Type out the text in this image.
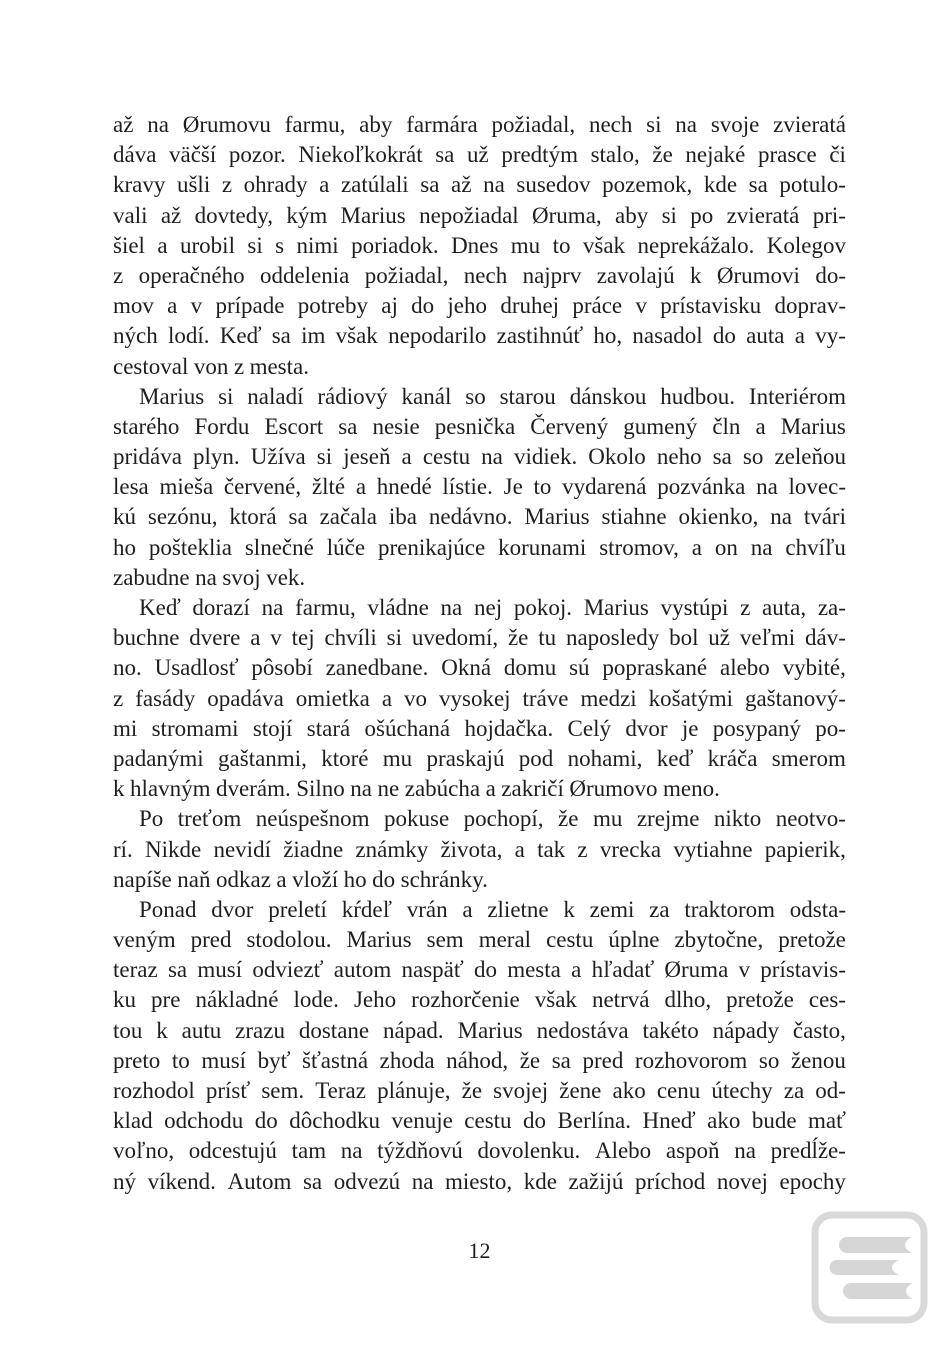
až na Ørumovu farmu, aby farmára požiadal, nech si na svoje zvieratá
dáva väčší pozor. Niekoľkokrát sa už predtým stalo, že nejaké prasce či
kravy ušli z ohrady a zatúlali sa až na susedov pozemok, kde sa potulo-
vali až dovtedy, kým Marius nepožiadal Øruma, aby si po zvieratá pri-
šiel a urobil si s nimi poriadok. Dnes mu to však neprekážalo. Kolegov
z operačného oddelenia požiadal, nech najprv zavolajú k Ørumovi do-
mov a v prípade potreby aj do jeho druhej práce v prístavisku doprav-
ných lodí. Keď sa im však nepodarilo zastihnúť ho, nasadol do auta a vy-
cestoval von z mesta.
Marius si naladí rádiový kanál so starou dánskou hudbou. Interiérom
starého Fordu Escort sa nesie pesnička Červený gumený čln a Marius
pridáva plyn. Užíva si jeseň a cestu na vidiek. Okolo neho sa so zeleňou
lesa mieša červené, žlté a hnedé lístie. Je to vydarená pozvánka na lovec-
kú sezónu, ktorá sa začala iba nedávno. Marius stiahne okienko, na tvári
ho pošteklia slnečné lúče prenikajúce korunami stromov, a on na chvíľu
zabudne na svoj vek.
Keď dorazí na farmu, vládne na nej pokoj. Marius vystúpi z auta, za-
buchne dvere a v tej chvíli si uvedomí, že tu naposledy bol už veľmi dáv-
no. Usadlosť pôsobí zanedbane. Okná domu sú popraskané alebo vybité,
z fasády opadáva omietka a vo vysokej tráve medzi košatými gaštanový-
mi stromami stojí stará ošúchaná hojdačka. Celý dvor je posypaný po-
padanými gaštanmi, ktoré mu praskajú pod nohami, keď kráča smerom
k hlavným dverám. Silno na ne zabúcha a zakričí Ørumovo meno.
Po treťom neúspešnom pokuse pochopí, že mu zrejme nikto neotvo-
rí. Nikde nevidí žiadne známky života, a tak z vrecka vytiahne papierik,
napíše naň odkaz a vloží ho do schránky.
Ponad dvor preletí kŕdeľ vrán a zlietne k zemi za traktorom odsta-
veným pred stodolou. Marius sem meral cestu úplne zbytočne, pretože
teraz sa musí odviezť autom naspäť do mesta a hľadať Øruma v prístavis-
ku pre nákladné lode. Jeho rozhorčenie však netrvá dlho, pretože ces-
tou k autu zrazu dostane nápad. Marius nedostáva takéto nápady často,
preto to musí byť šťastná zhoda náhod, že sa pred rozhovorom so ženou
rozhodol prísť sem. Teraz plánuje, že svojej žene ako cenu útechy za od-
klad odchodu do dôchodku venuje cestu do Berlína. Hneď ako bude mať
voľno, odcestujú tam na týždňovú dovolenku. Alebo aspoň na predĺže-
ný víkend. Autom sa odvezú na miesto, kde zažijú príchod novej epochy
12
